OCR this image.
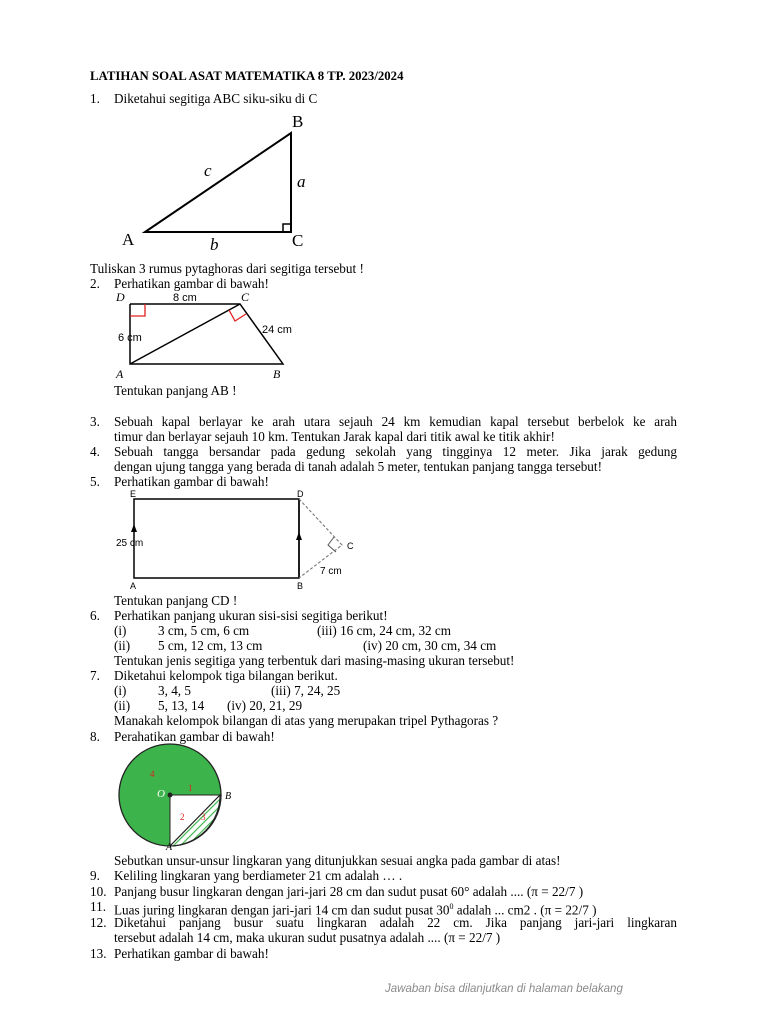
LATIHAN SOAL ASAT MATEMATIKA 8 TP. 2023/2024
1. Diketahui segitiga ABC siku-siku di C
B
A	C
a
b
c
Tuliskan 3 rumus pytaghoras dari segitiga tersebut !
2. Perhatikan gambar di bawah!
D	C
A	B
8 cm
6 cm
24 cm
Tentukan panjang AB !
3. Sebuah kapal berlayar ke arah utara sejauh 24 km kemudian kapal tersebut berbelok ke arah
timur dan berlayar sejauh 10 km. Tentukan Jarak kapal dari titik awal ke titik akhir!
4. Sebuah tangga bersandar pada gedung sekolah yang tingginya 12 meter. Jika jarak gedung
dengan ujung tangga yang berada di tanah adalah 5 meter, tentukan panjang tangga tersebut!
5. Perhatikan gambar di bawah!
E	D
C
A	B
25 cm
7 cm
Tentukan panjang CD !
6. Perhatikan panjang ukuran sisi-sisi segitiga berikut!
(i) 3 cm, 5 cm, 6 cm	(iii) 16 cm, 24 cm, 32 cm
(ii) 5 cm, 12 cm, 13 cm	(iv) 20 cm, 30 cm, 34 cm
Tentukan jenis segitiga yang terbentuk dari masing-masing ukuran tersebut!
7. Diketahui kelompok tiga bilangan berikut.
(i) 3, 4, 5	(iii) 7, 24, 25
(ii) 5, 13, 14 (iv) 20, 21, 29
Manakah kelompok bilangan di atas yang merupakan tripel Pythagoras ?
8. Perahatikan gambar di bawah!
O
A
B
1
2 3
4
Sebutkan unsur-unsur lingkaran yang ditunjukkan sesuai angka pada gambar di atas!
9. Keliling lingkaran yang berdiameter 21 cm adalah … .
10. Panjang busur lingkaran dengan jari-jari 28 cm dan sudut pusat 60° adalah .... (π = 22/7 )
11. Luas juring lingkaran dengan jari-jari 14 cm dan sudut pusat $30^0$ adalah ... cm2 . (π = 22/7 )
12. Diketahui panjang busur suatu lingkaran adalah 22 cm. Jika panjang jari-jari lingkaran
tersebut adalah 14 cm, maka ukuran sudut pusatnya adalah .... (π = 22/7 )
13. Perhatikan gambar di bawah!
Jawaban bisa dilanjutkan di halaman belakang
